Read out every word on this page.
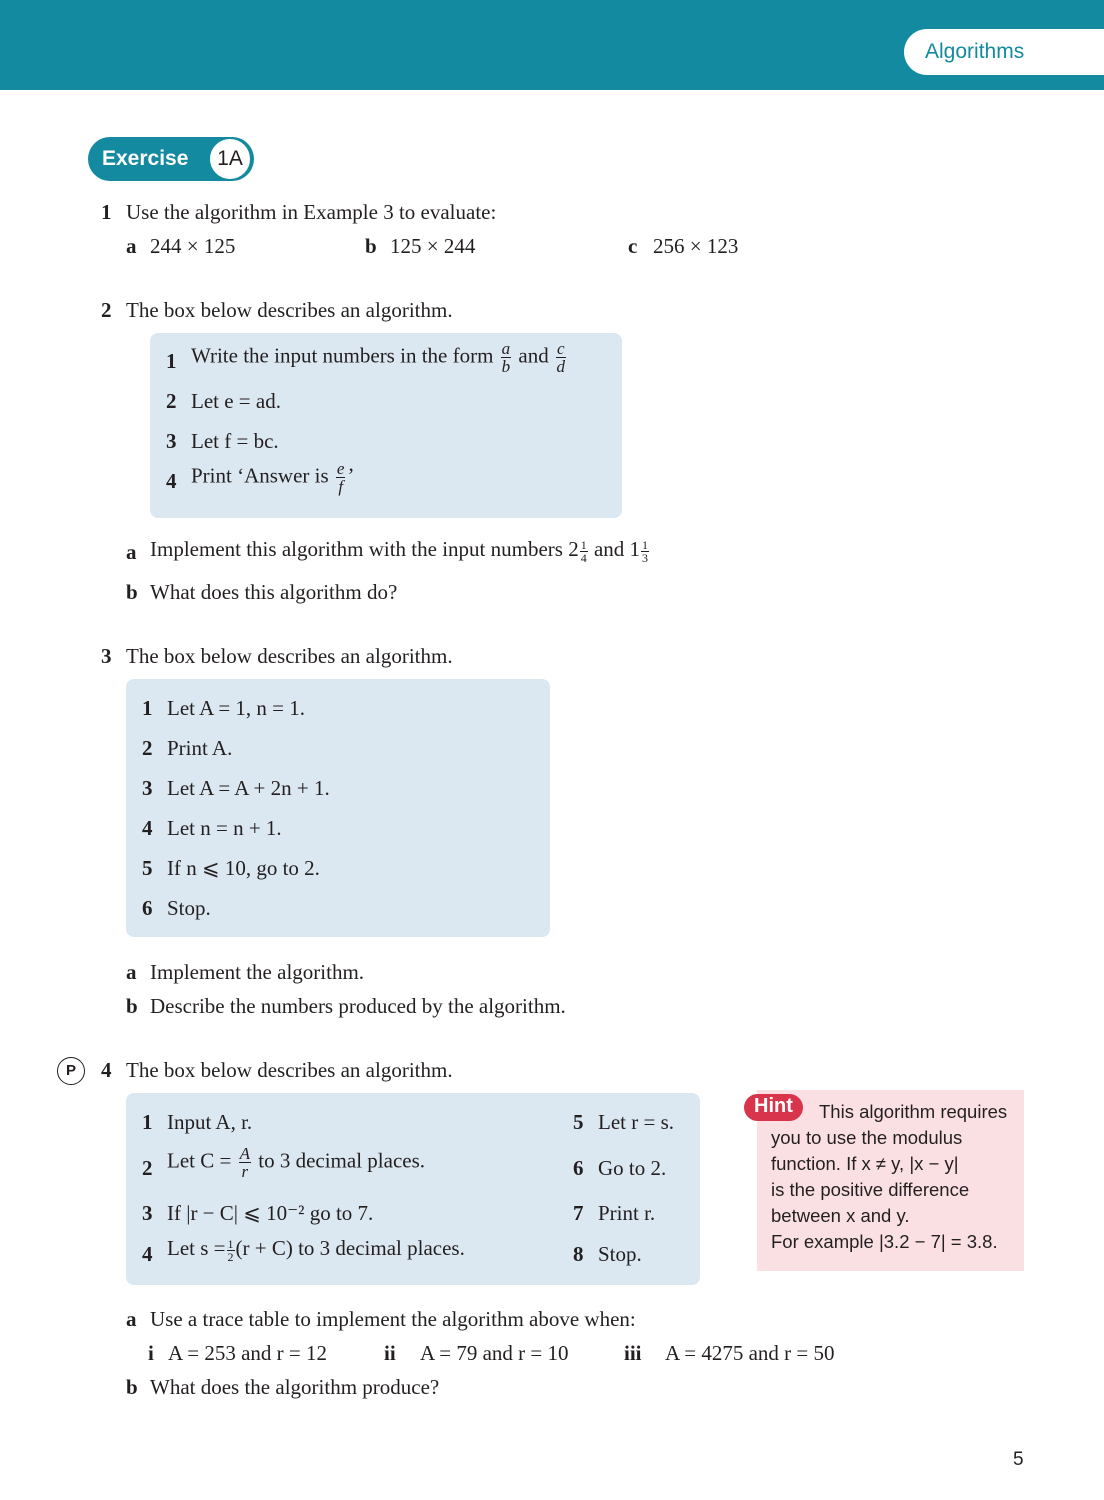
Algorithms
Exercise	1A
1 Use the algorithm in Example 3 to evaluate:
a 244 × 125	b 125 × 244	c 256 × 123
2 The box below describes an algorithm.
1 Write the input numbers in the form $\frac{a}{b}$ and $\frac{c}{d}$
2 Let e = ad.
3 Let f = bc.
4 Print ‘Answer is $\frac{e}{f}$ ’
a Implement this algorithm with the input numbers $2 \frac{1}{4}$ and $1 \frac{1}{3}$
b What does this algorithm do?
3 The box below describes an algorithm.
1 Let A = 1, n = 1.
2 Print A.
3 Let A = A + 2n + 1.
4 Let n = n + 1.
5 If n ⩽ 10, go to 2.
6 Stop.
a Implement the algorithm.
b Describe the numbers produced by the algorithm.
P	4 The box below describes an algorithm.
1 Input A, r.
2 Let $C = \frac{A}{r}$ to 3 decimal places.
3 If |r − C| ⩽ 10⁻² go to 7.
4 Let $s = \frac{1}{2} (r + C)$ to 3 decimal places.
5 Let r = s.
6 Go to 2.
7 Print r.
8 Stop.
Hint	This algorithm requires
you to use the modulus
function. If x ≠ y, |x − y|
is the positive difference
between x and y.
For example |3.2 − 7| = 3.8.
a Use a trace table to implement the algorithm above when:
i A = 253 and r = 12	ii A = 79 and r = 10	iii A = 4275 and r = 50
b What does the algorithm produce?
5
